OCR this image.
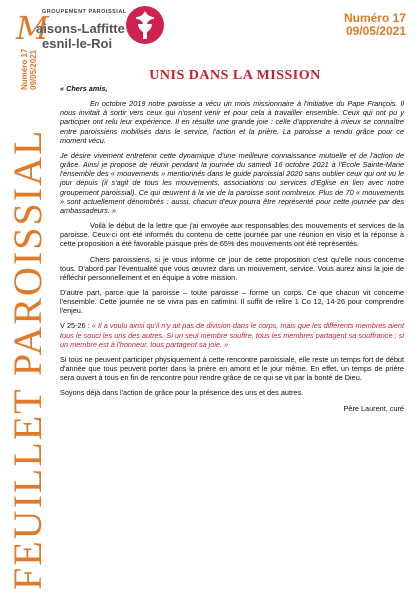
GROUPEMENT PAROISSIAL
M
aisons-Laffitte
esnil-le-Roi
Numéro 17
09/05/2021
Numéro 17 09/05/2021
FEUILLET PAROISSIAL
UNIS DANS LA MISSION

« Chers amis,

En octobre 2019 notre paroisse a vécu un mois missionnaire à l'initiative du Pape François. Il nous invitait à sortir vers ceux qui n'osent venir et pour cela à travailler ensemble. Ceux qui ont pu y participer ont relu leur expérience. Il en résulte une grande joie : celle d'apprendre à mieux se connaître entre paroissiens mobilisés dans le service, l'action et la prière. La paroisse a rendu grâce pour ce moment vécu.

Je désire vivement entretenir cette dynamique d'une meilleure connaissance mutuelle et de l'action de grâce. Ainsi je propose de réunir pendant la journée du samedi 16 octobre 2021 à l'Ecole Sainte-Marie l'ensemble des « mouvements » mentionnés dans le guide paroissial 2020 sans oublier ceux qui ont vu le jour depuis (il s'agit de tous les mouvements, associations ou services d'Eglise en lien avec notre groupement paroissial). Ce qui œuvrent à la vie de la paroisse sont nombreux. Plus de 70 « mouvements » sont actuellement dénombrés : aussi, chacun d'eux pourra être représenté pour cette journée par des ambassadeurs. »

Voilà le début de la lettre que j'ai envoyée aux responsables des mouvements et services de la paroisse. Ceux-ci ont été informés du contenu de cette journée par une réunion en visio et la réponse à cette proposition a été favorable puisque près de 65% des mouvements ont été représentés.

Chers paroissiens, si je vous informe ce jour de cette proposition c'est qu'elle nous concerne tous. D'abord par l'éventualité que vous œuvrez dans un mouvement, service. Vous aurez ainsi la joie de réfléchir personnellement et en équipe à votre mission.

D'autre part, parce que la paroisse – toute paroisse – forme un corps. Ce que chacun vit concerne l'ensemble. Cette journée ne se vivra pas en catimini. Il suffit de relire 1 Co 12, 14-26 pour comprendre l'enjeu.

V 25-26 : « Il a voulu ainsi qu'il n'y ait pas de division dans le corps, mais que les différents membres aient tous le souci les uns des autres. Si un seul membre souffre, tous les membres partagent sa souffrance ; si un membre est à l'honneur, tous partagent sa joie. »

Si tous ne peuvent participer physiquement à cette rencontre paroissiale, elle reste un temps fort de début d'année que tous peuvent porter dans la prière en amont et le jour même. En effet, un temps de prière sera ouvert à tous en fin de rencontre pour rendre grâce de ce qui se vit par la bonté de Dieu.

Soyons déjà dans l'action de grâce pour la présence des uns et des autres.

Père Laurent, curé
